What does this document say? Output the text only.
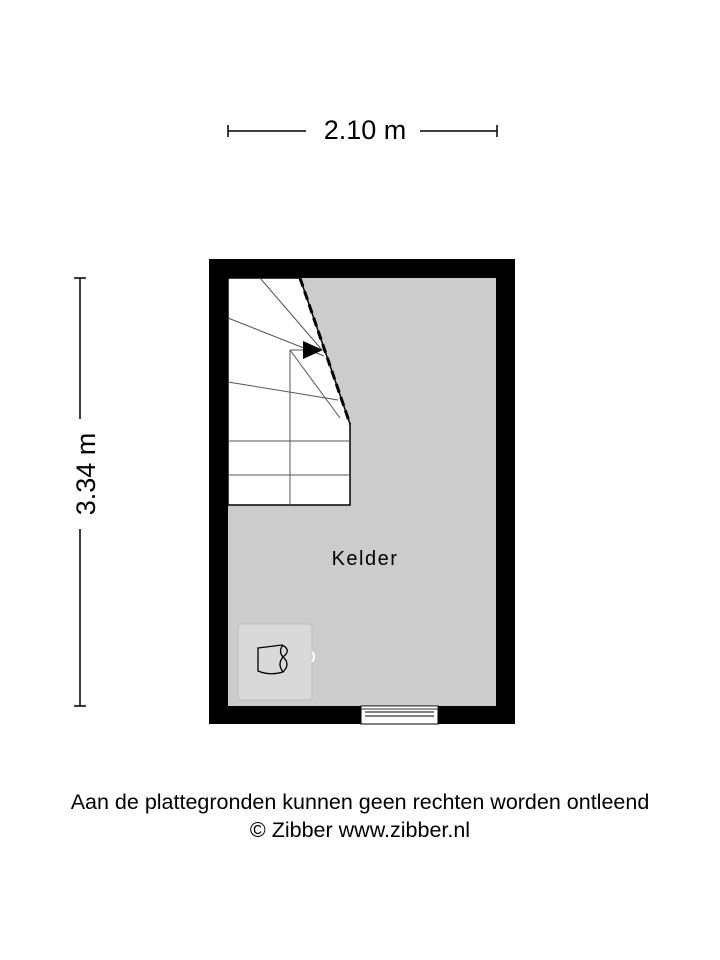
2.10 m
3.34 m
Kelder
Aan de plattegronden kunnen geen rechten worden ontleend
© Zibber www.zibber.nl
